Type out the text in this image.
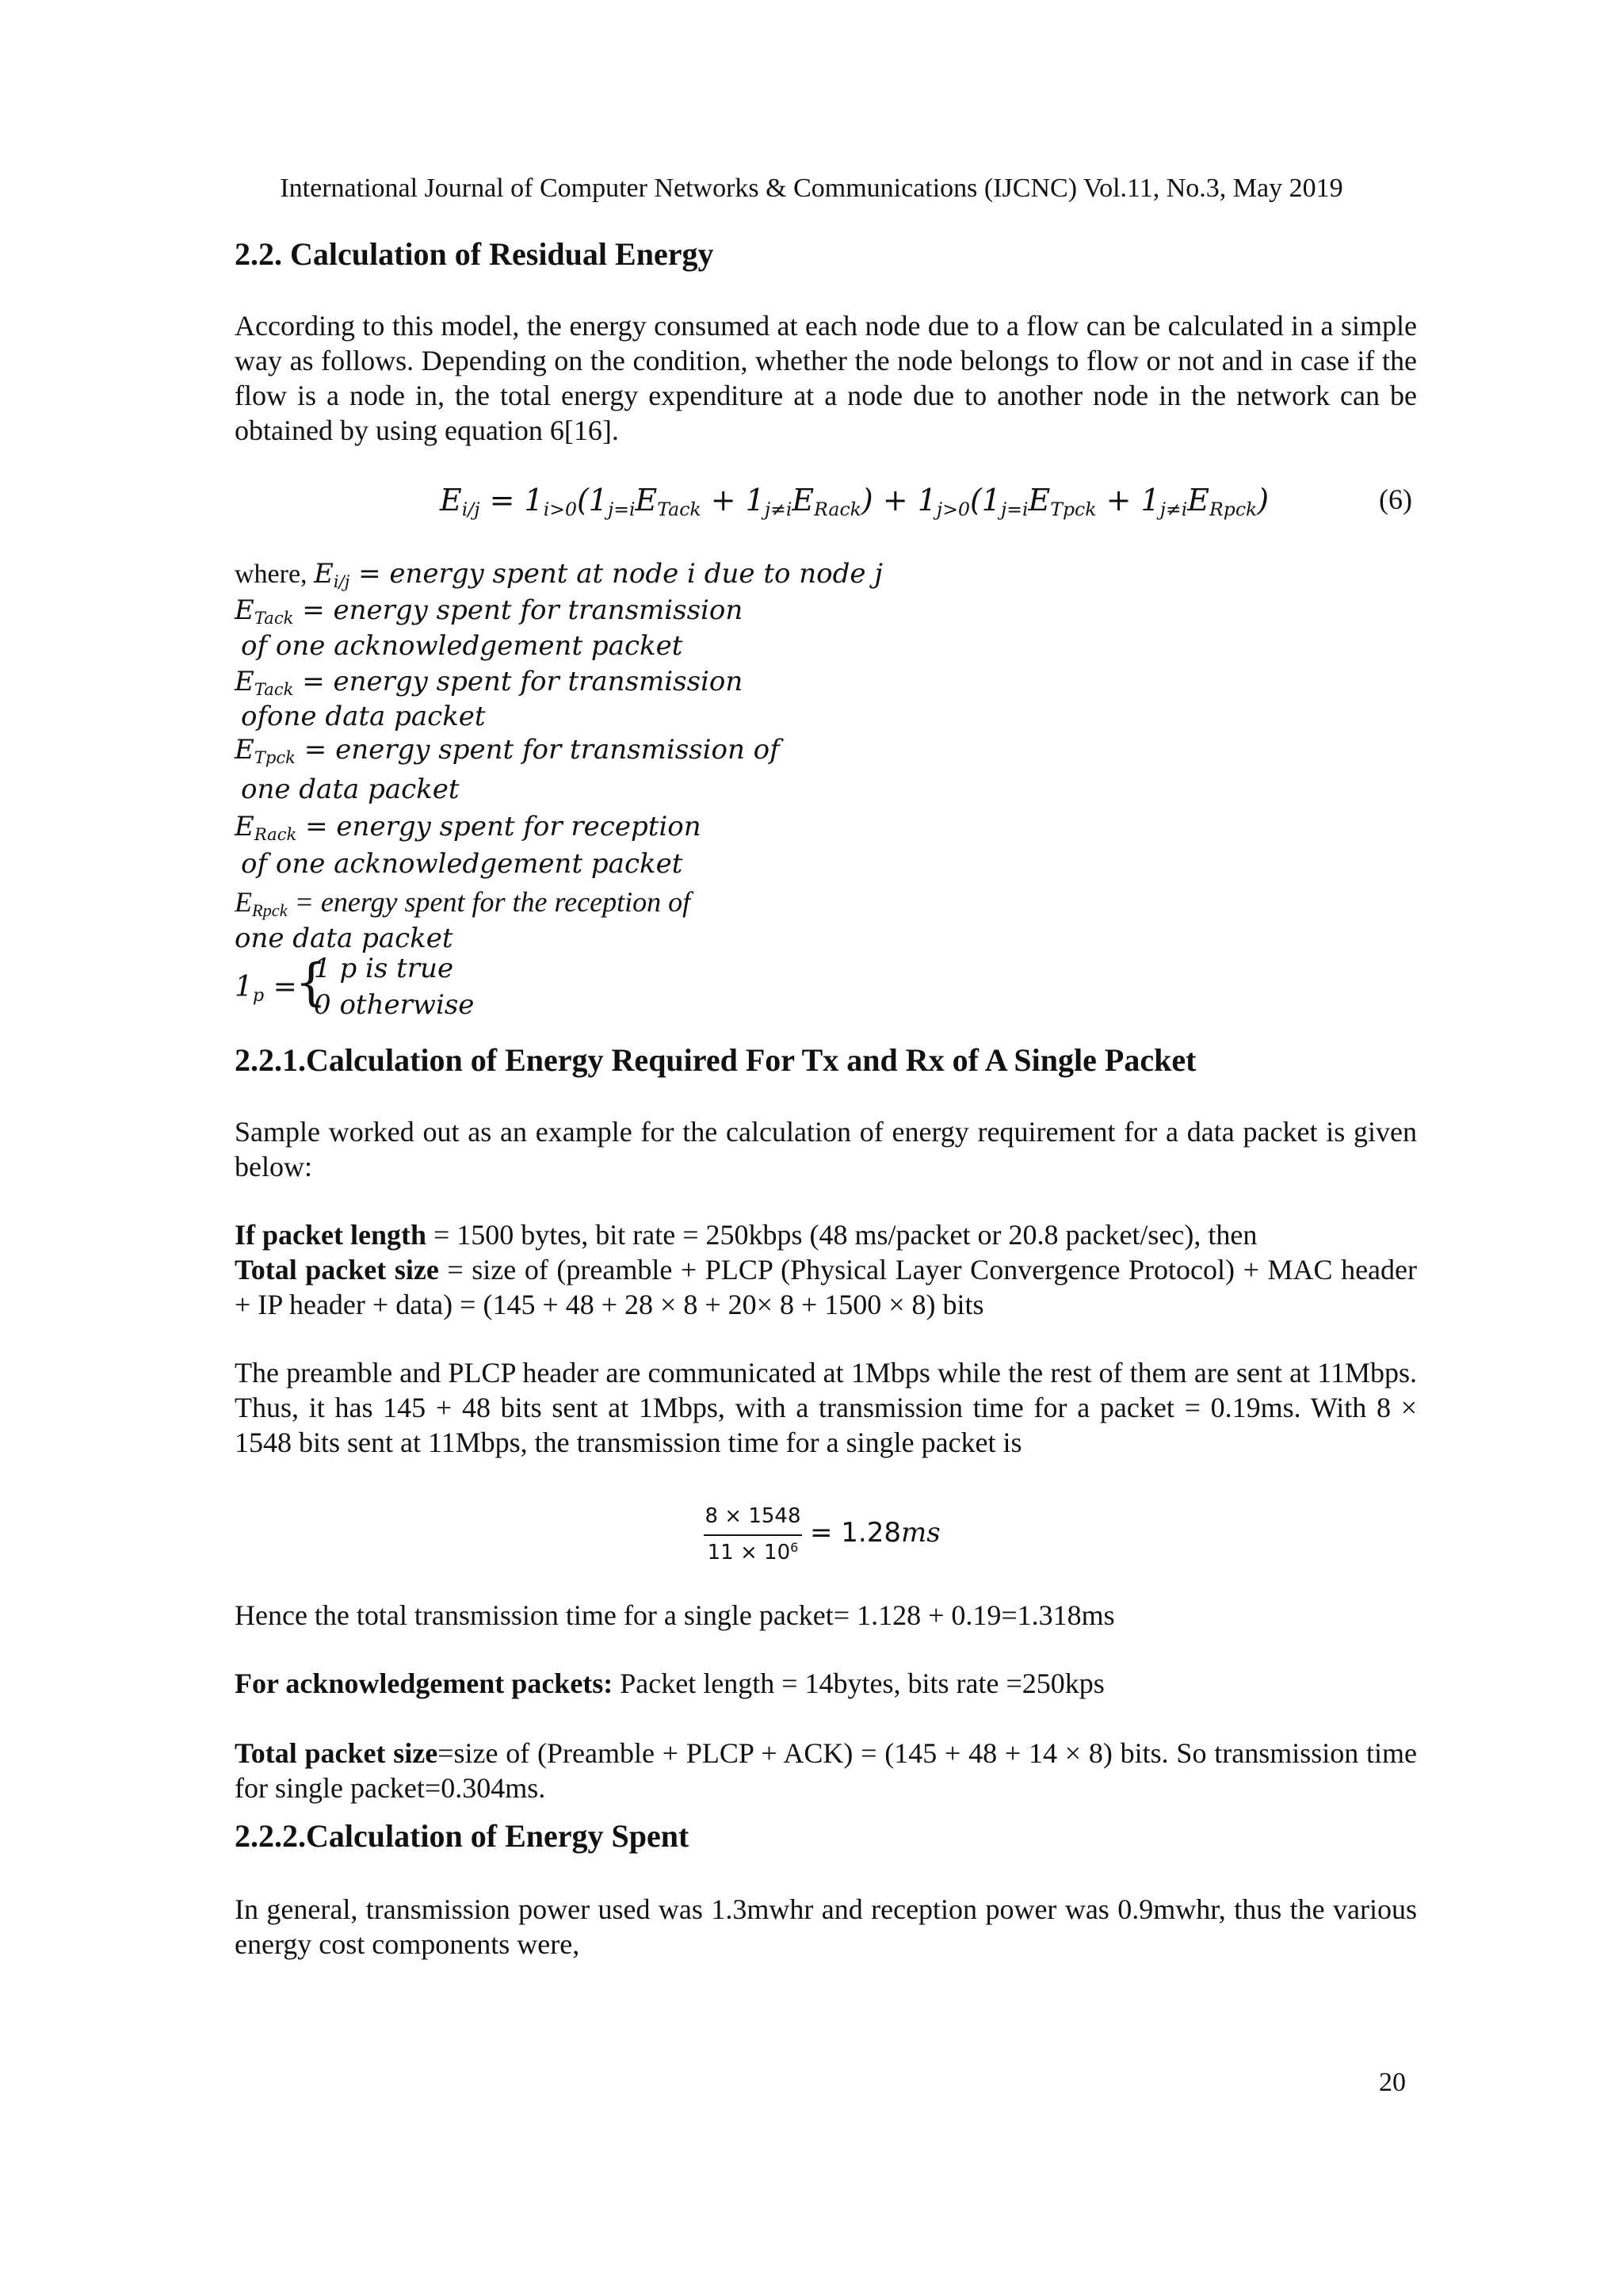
International Journal of Computer Networks & Communications (IJCNC) Vol.11, No.3, May 2019
2.2. Calculation of Residual Energy
According to this model, the energy consumed at each node due to a flow can be calculated in a simple way as follows. Depending on the condition, whether the node belongs to flow or not and in case if the flow is a node in, the total energy expenditure at a node due to another node in the network can be obtained by using equation 6[16].
$E_{i/j} = 1_{i>0}(1_{j=i}E_{Tack} + 1_{j\ne i}E_{Rack}) + 1_{j>0}(1_{j=i}E_{Tpck} + 1_{j\ne i}E_{Rpck})$	(6)
where, $E_{i/j}$ = energy spent at node i due to node j
$E_{Tack}$ = energy spent for transmission
of one acknowledgement packet
$E_{Tack}$ = energy spent for transmission
ofone data packet
$E_{Tpck}$ = energy spent for transmission of
one data packet
$E_{Rack}$ = energy spent for reception
of one acknowledgement packet
$E_{Rpck}$ = energy spent for the reception of
one data packet
$1_p$ =
{
1 p is true
0 otherwise
2.2.1.Calculation of Energy Required For Tx and Rx of A Single Packet
Sample worked out as an example for the calculation of energy requirement for a data packet is given below:
If packet length = 1500 bytes, bit rate = 250kbps (48 ms/packet or 20.8 packet/sec), then
Total packet size = size of (preamble + PLCP (Physical Layer Convergence Protocol) + MAC header + IP header + data) = (145 + 48 + 28 × 8 + 20× 8 + 1500 × 8) bits
The preamble and PLCP header are communicated at 1Mbps while the rest of them are sent at 11Mbps. Thus, it has 145 + 48 bits sent at 1Mbps, with a transmission time for a packet = 0.19ms. With 8 × 1548 bits sent at 11Mbps, the transmission time for a single packet is
8 × 1548
$11 \times 10^6 = 1.28ms$
Hence the total transmission time for a single packet= 1.128 + 0.19=1.318ms
For acknowledgement packets: Packet length = 14bytes, bits rate =250kps
Total packet size=size of (Preamble + PLCP + ACK) = (145 + 48 + 14 × 8) bits. So transmission time for single packet=0.304ms.
2.2.2.Calculation of Energy Spent
In general, transmission power used was 1.3mwhr and reception power was 0.9mwhr, thus the various energy cost components were,
20
